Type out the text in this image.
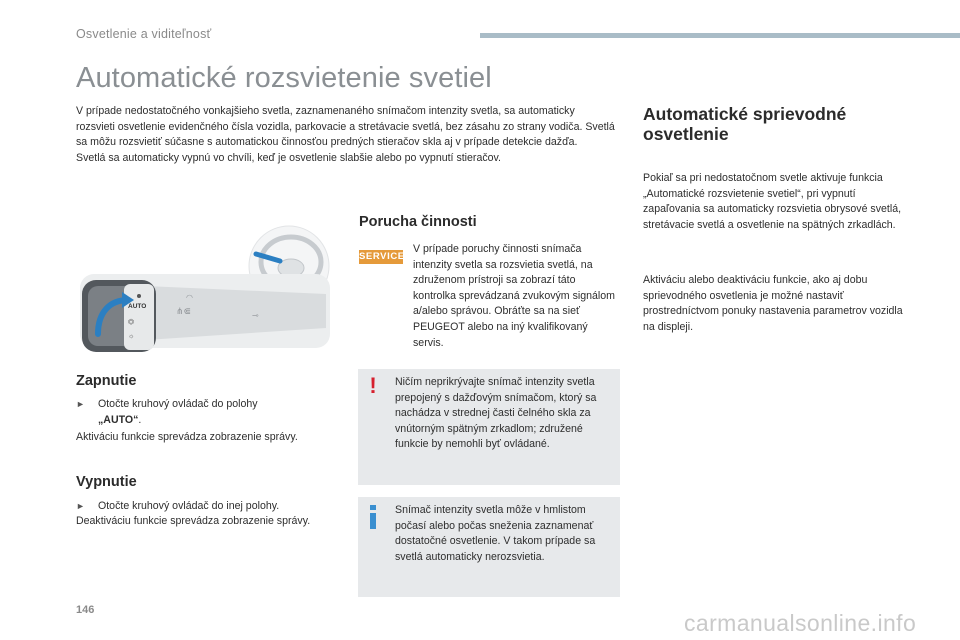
Osvetlenie a viditeľnosť
Automatické rozsvietenie svetiel

V prípade nedostatočného vonkajšieho svetla, zaznamenaného snímačom intenzity svetla, sa automaticky rozsvieti osvetlenie evidenčného čísla vozidla, parkovacie a stretávacie svetlá, bez zásahu zo strany vodiča. Svetlá sa môžu rozsvietiť súčasne s automatickou činnosťou predných stieračov skla aj v prípade detekcie dažďa.

Svetlá sa automaticky vypnú vo chvíli, keď je osvetlenie slabšie alebo po vypnutí stieračov.

AUTO
⏣
☼
⋔⋐
◠
⊸
Zapnutie
►	Otočte kruhový ovládač do polohy
„AUTO“.
Aktiváciu funkcie sprevádza zobrazenie správy.
Vypnutie
►	Otočte kruhový ovládač do inej polohy.
Deaktiváciu funkcie sprevádza zobrazenie správy.
Porucha činnosti
SERVICE
V prípade poruchy činnosti snímača intenzity svetla sa rozsvietia svetlá, na združenom prístroji sa zobrazí táto kontrolka sprevádzaná zvukovým signálom a/alebo správou. Obráťte sa na sieť PEUGEOT alebo na iný kvalifikovaný servis.
! Ničím neprikrývajte snímač intenzity svetla prepojený s dažďovým snímačom, ktorý sa nachádza v strednej časti čelného skla za vnútorným spätným zrkadlom; združené funkcie by nemohli byť ovládané.
Snímač intenzity svetla môže v hmlistom počasí alebo počas sneženia zaznamenať dostatočné osvetlenie. V takom prípade sa svetlá automaticky nerozsvietia.
Automatické sprievodné osvetlenie

Pokiaľ sa pri nedostatočnom svetle aktivuje funkcia „Automatické rozsvietenie svetiel“, pri vypnutí zapaľovania sa automaticky rozsvietia obrysové svetlá, stretávacie svetlá a osvetlenie na spätných zrkadlách.

Aktiváciu alebo deaktiváciu funkcie, ako aj dobu sprievodného osvetlenia je možné nastaviť prostredníctvom ponuky nastavenia parametrov vozidla na displeji.

146	carmanualsonline.info
